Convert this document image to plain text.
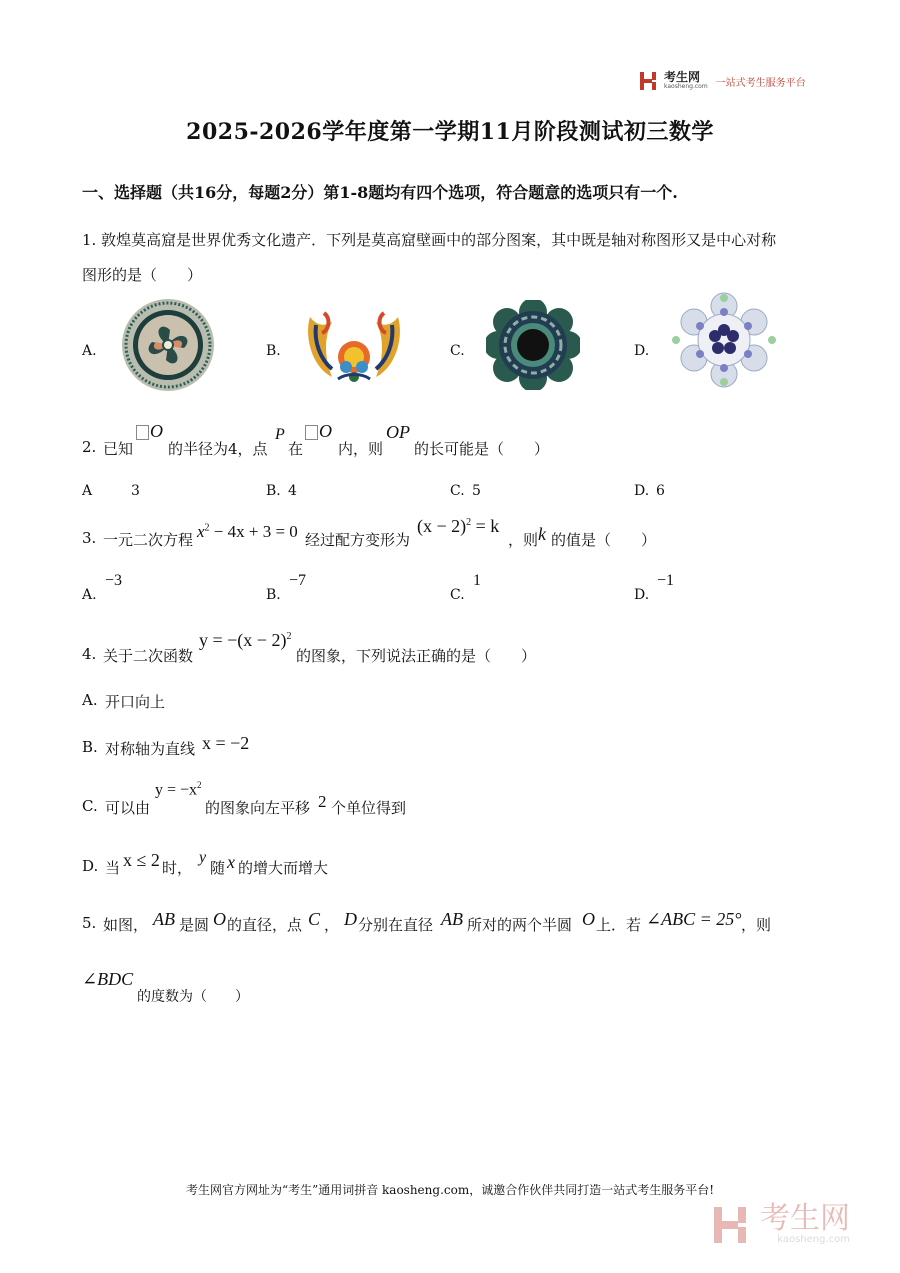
考生网
kaosheng.com 一站式考生服务平台
2025-2026学年度第一学期11月阶段测试初三数学
一、选择题（共16分，每题2分）第1-8题均有四个选项，符合题意的选项只有一个.
1. 敦煌莫高窟是世界优秀文化遗产．下列是莫高窟壁画中的部分图案，其中既是轴对称图形又是中心对称
图形的是（　　）
A.	B.	C.	D.
2. 已知
O
的半径为4，点
P
在
O
内，则
OP
的长可能是（　　）
A	3	B. 4	C. 5	D. 6
3. 一元二次方程 $x^2 - 4x + 3 = 0$ 经过配方变形为
$(x - 2)^2 = k$
，则 k 的值是（　　）
A.
−3
B.
−7
C.
1
D.
−1
4. 关于二次函数
$y = -(x - 2)^2$
的图象，下列说法正确的是（　　）
A. 开口向上
B. 对称轴为直线 x = −2
C. 可以由
$y = -x^2$
的图象向左平移 2 个单位得到
D. 当 x ≤ 2 时，
y
随 x 的增大而增大
5. 如图， AB 是圆 O 的直径，点 C ， D 分别在直径 AB 所对的两个半圆 O 上．若 ∠ABC = 25° ，则
∠BDC
的度数为（　　）
考生网官方网址为“考生”通用词拼音 kaosheng.com，诚邀合作伙伴共同打造一站式考生服务平台!
考生网
kaosheng.com
